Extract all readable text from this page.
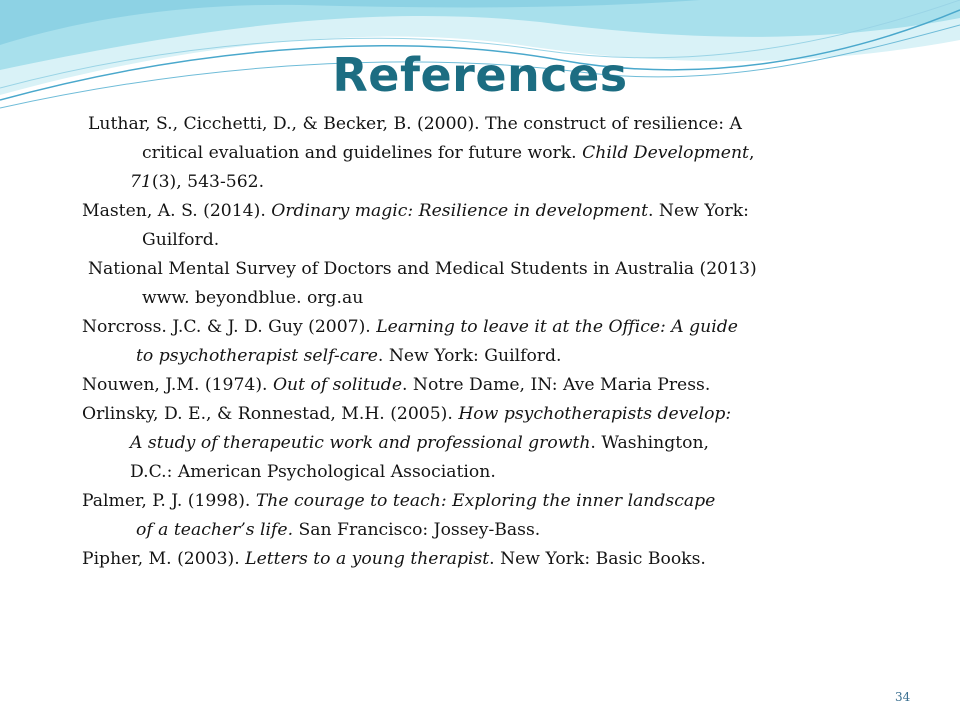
References
Luthar, S., Cicchetti, D., & Becker, B. (2000). The construct of resilience: A
critical evaluation and guidelines for future work. Child Development,
71(3), 543-562.
Masten, A. S. (2014). Ordinary magic: Resilience in development. New York:
Guilford.
National Mental Survey of Doctors and Medical Students in Australia (2013)
www. beyondblue. org.au
Norcross. J.C. & J. D. Guy (2007). Learning to leave it at the Office: A guide
to psychotherapist self-care. New York: Guilford.
Nouwen, J.M. (1974). Out of solitude. Notre Dame, IN: Ave Maria Press.
Orlinsky, D. E., & Ronnestad, M.H. (2005). How psychotherapists develop:
A study of therapeutic work and professional growth. Washington,
D.C.: American Psychological Association.
Palmer, P. J. (1998). The courage to teach: Exploring the inner landscape
of a teacher’s life. San Francisco: Jossey-Bass.
Pipher, M. (2003). Letters to a young therapist. New York: Basic Books.
34
